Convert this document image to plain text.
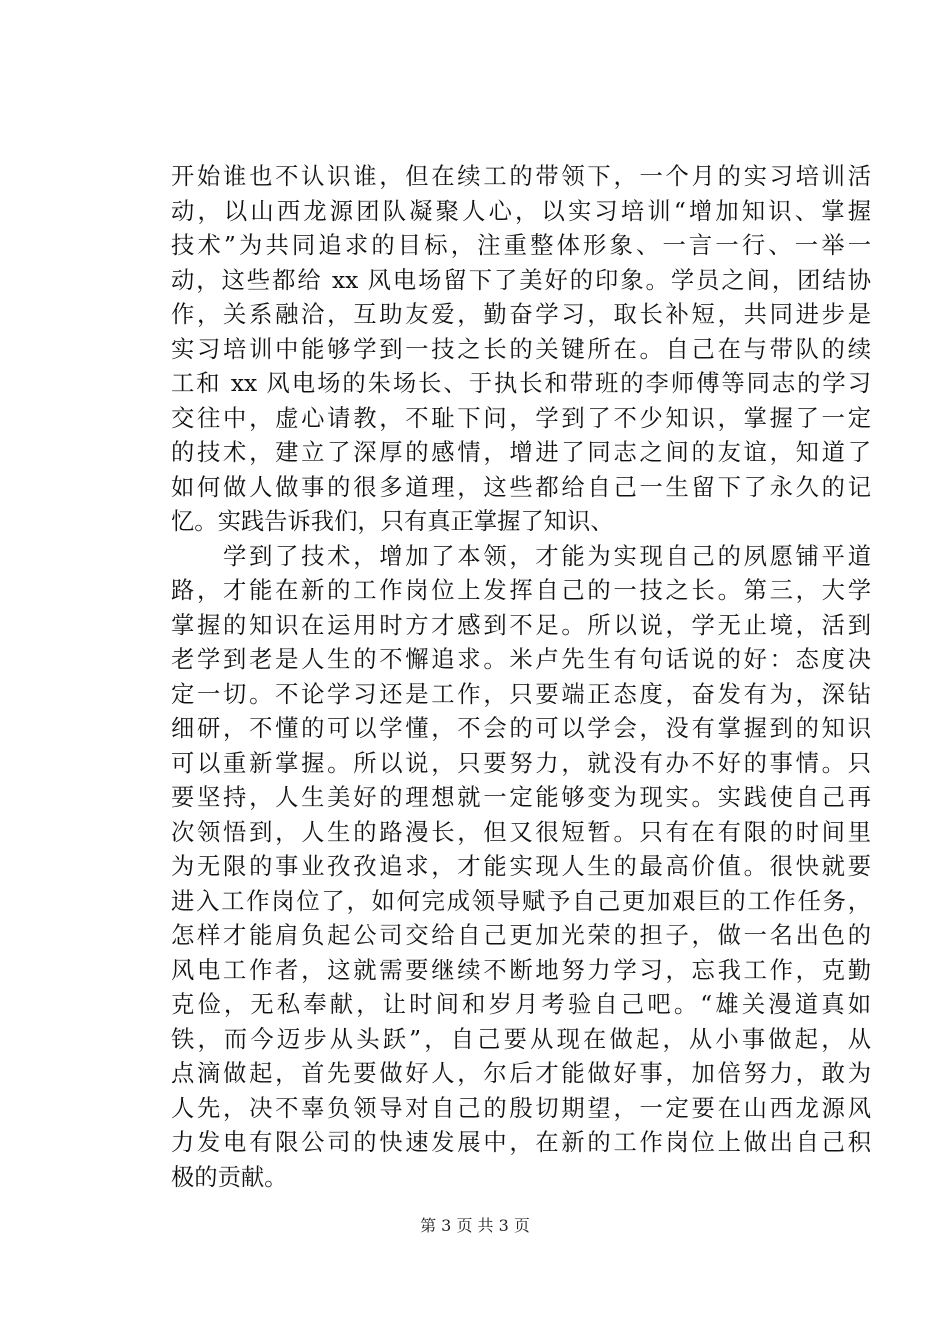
开始谁也不认识谁，但在续工的带领下，一个月的实习培训活
动，以山西龙源团队凝聚人心，以实习培训“增加知识、掌握
技术”为共同追求的目标，注重整体形象、一言一行、一举一
动，这些都给 xx 风电场留下了美好的印象。学员之间，团结协
作，关系融洽，互助友爱，勤奋学习，取长补短，共同进步是
实习培训中能够学到一技之长的关键所在。自己在与带队的续
工和 xx 风电场的朱场长、于执长和带班的李师傅等同志的学习
交往中，虚心请教，不耻下问，学到了不少知识，掌握了一定
的技术，建立了深厚的感情，增进了同志之间的友谊，知道了
如何做人做事的很多道理，这些都给自己一生留下了永久的记
忆。实践告诉我们，只有真正掌握了知识、
　　学到了技术，增加了本领，才能为实现自己的夙愿铺平道
路，才能在新的工作岗位上发挥自己的一技之长。第三，大学
掌握的知识在运用时方才感到不足。所以说，学无止境，活到
老学到老是人生的不懈追求。米卢先生有句话说的好：态度决
定一切。不论学习还是工作，只要端正态度，奋发有为，深钻
细研，不懂的可以学懂，不会的可以学会，没有掌握到的知识
可以重新掌握。所以说，只要努力，就没有办不好的事情。只
要坚持，人生美好的理想就一定能够变为现实。实践使自己再
次领悟到，人生的路漫长，但又很短暂。只有在有限的时间里
为无限的事业孜孜追求，才能实现人生的最高价值。很快就要
进入工作岗位了，如何完成领导赋予自己更加艰巨的工作任务，
怎样才能肩负起公司交给自己更加光荣的担子，做一名出色的
风电工作者，这就需要继续不断地努力学习，忘我工作，克勤
克俭，无私奉献，让时间和岁月考验自己吧。“雄关漫道真如
铁，而今迈步从头跃”，自己要从现在做起，从小事做起，从
点滴做起，首先要做好人，尔后才能做好事，加倍努力，敢为
人先，决不辜负领导对自己的殷切期望，一定要在山西龙源风
力发电有限公司的快速发展中，在新的工作岗位上做出自己积
极的贡献。
第 3 页 共 3 页
